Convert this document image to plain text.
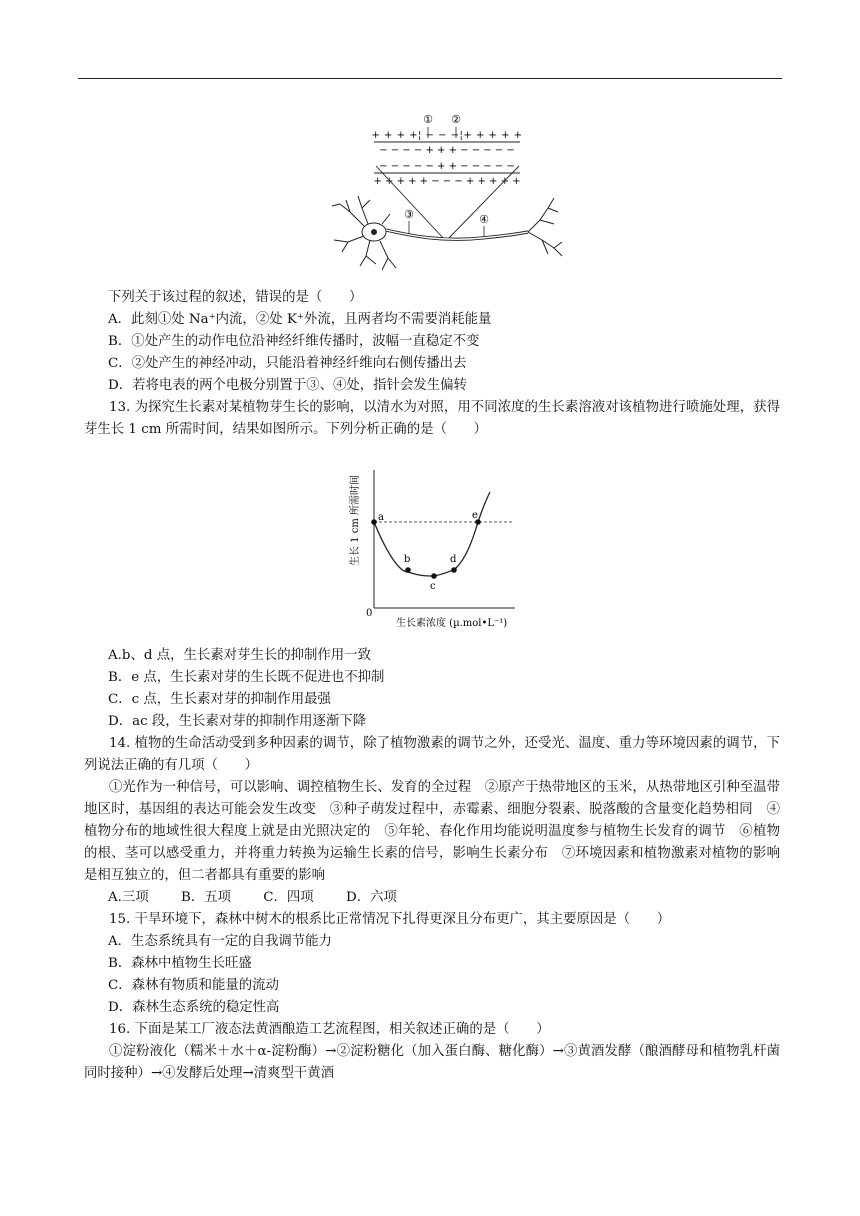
① ②
+ + + +¦ − − −¦+ + + + +
− − − − + + + − − − − −
− − − − − + + − − − − −
+ + + + + − − − + + + + +
③	④
下列关于该过程的叙述，错误的是（　　）
A．此刻①处 Na⁺内流，②处 K⁺外流，且两者均不需要消耗能量
B．①处产生的动作电位沿神经纤维传播时，波幅一直稳定不变
C．②处产生的神经冲动，只能沿着神经纤维向右侧传播出去
D．若将电表的两个电极分别置于③、④处，指针会发生偏转
13. 为探究生长素对某植物芽生长的影响，以清水为对照，用不同浓度的生长素溶液对该植物进行喷施处理，获得芽生长 1 cm 所需时间，结果如图所示。下列分析正确的是（　　）
生长 1 cm 所需时间
0
a
b
c
d
e
生长素浓度 (µ.mol•L⁻¹)
A.b、d 点，生长素对芽生长的抑制作用一致
B．e 点，生长素对芽的生长既不促进也不抑制
C．c 点，生长素对芽的抑制作用最强
D．ac 段，生长素对芽的抑制作用逐渐下降
14. 植物的生命活动受到多种因素的调节，除了植物激素的调节之外，还受光、温度、重力等环境因素的调节，下列说法正确的有几项（　　）
①光作为一种信号，可以影响、调控植物生长、发育的全过程　②原产于热带地区的玉米，从热带地区引种至温带地区时，基因组的表达可能会发生改变　③种子萌发过程中，赤霉素、细胞分裂素、脱落酸的含量变化趋势相同　④植物分布的地域性很大程度上就是由光照决定的　⑤年轮、春化作用均能说明温度参与植物生长发育的调节　⑥植物的根、茎可以感受重力，并将重力转换为运输生长素的信号，影响生长素分布　⑦环境因素和植物激素对植物的影响是相互独立的，但二者都具有重要的影响
A.三项 B．五项 C．四项 D．六项
15. 干旱环境下，森林中树木的根系比正常情况下扎得更深且分布更广，其主要原因是（　　）
A．生态系统具有一定的自我调节能力
B．森林中植物生长旺盛
C．森林有物质和能量的流动
D．森林生态系统的稳定性高
16. 下面是某工厂液态法黄酒酿造工艺流程图，相关叙述正确的是（　　）
①淀粉液化（糯米＋水＋α-淀粉酶）→②淀粉糖化（加入蛋白酶、糖化酶）→③黄酒发酵（酿酒酵母和植物乳杆菌同时接种）→④发酵后处理→清爽型干黄酒
